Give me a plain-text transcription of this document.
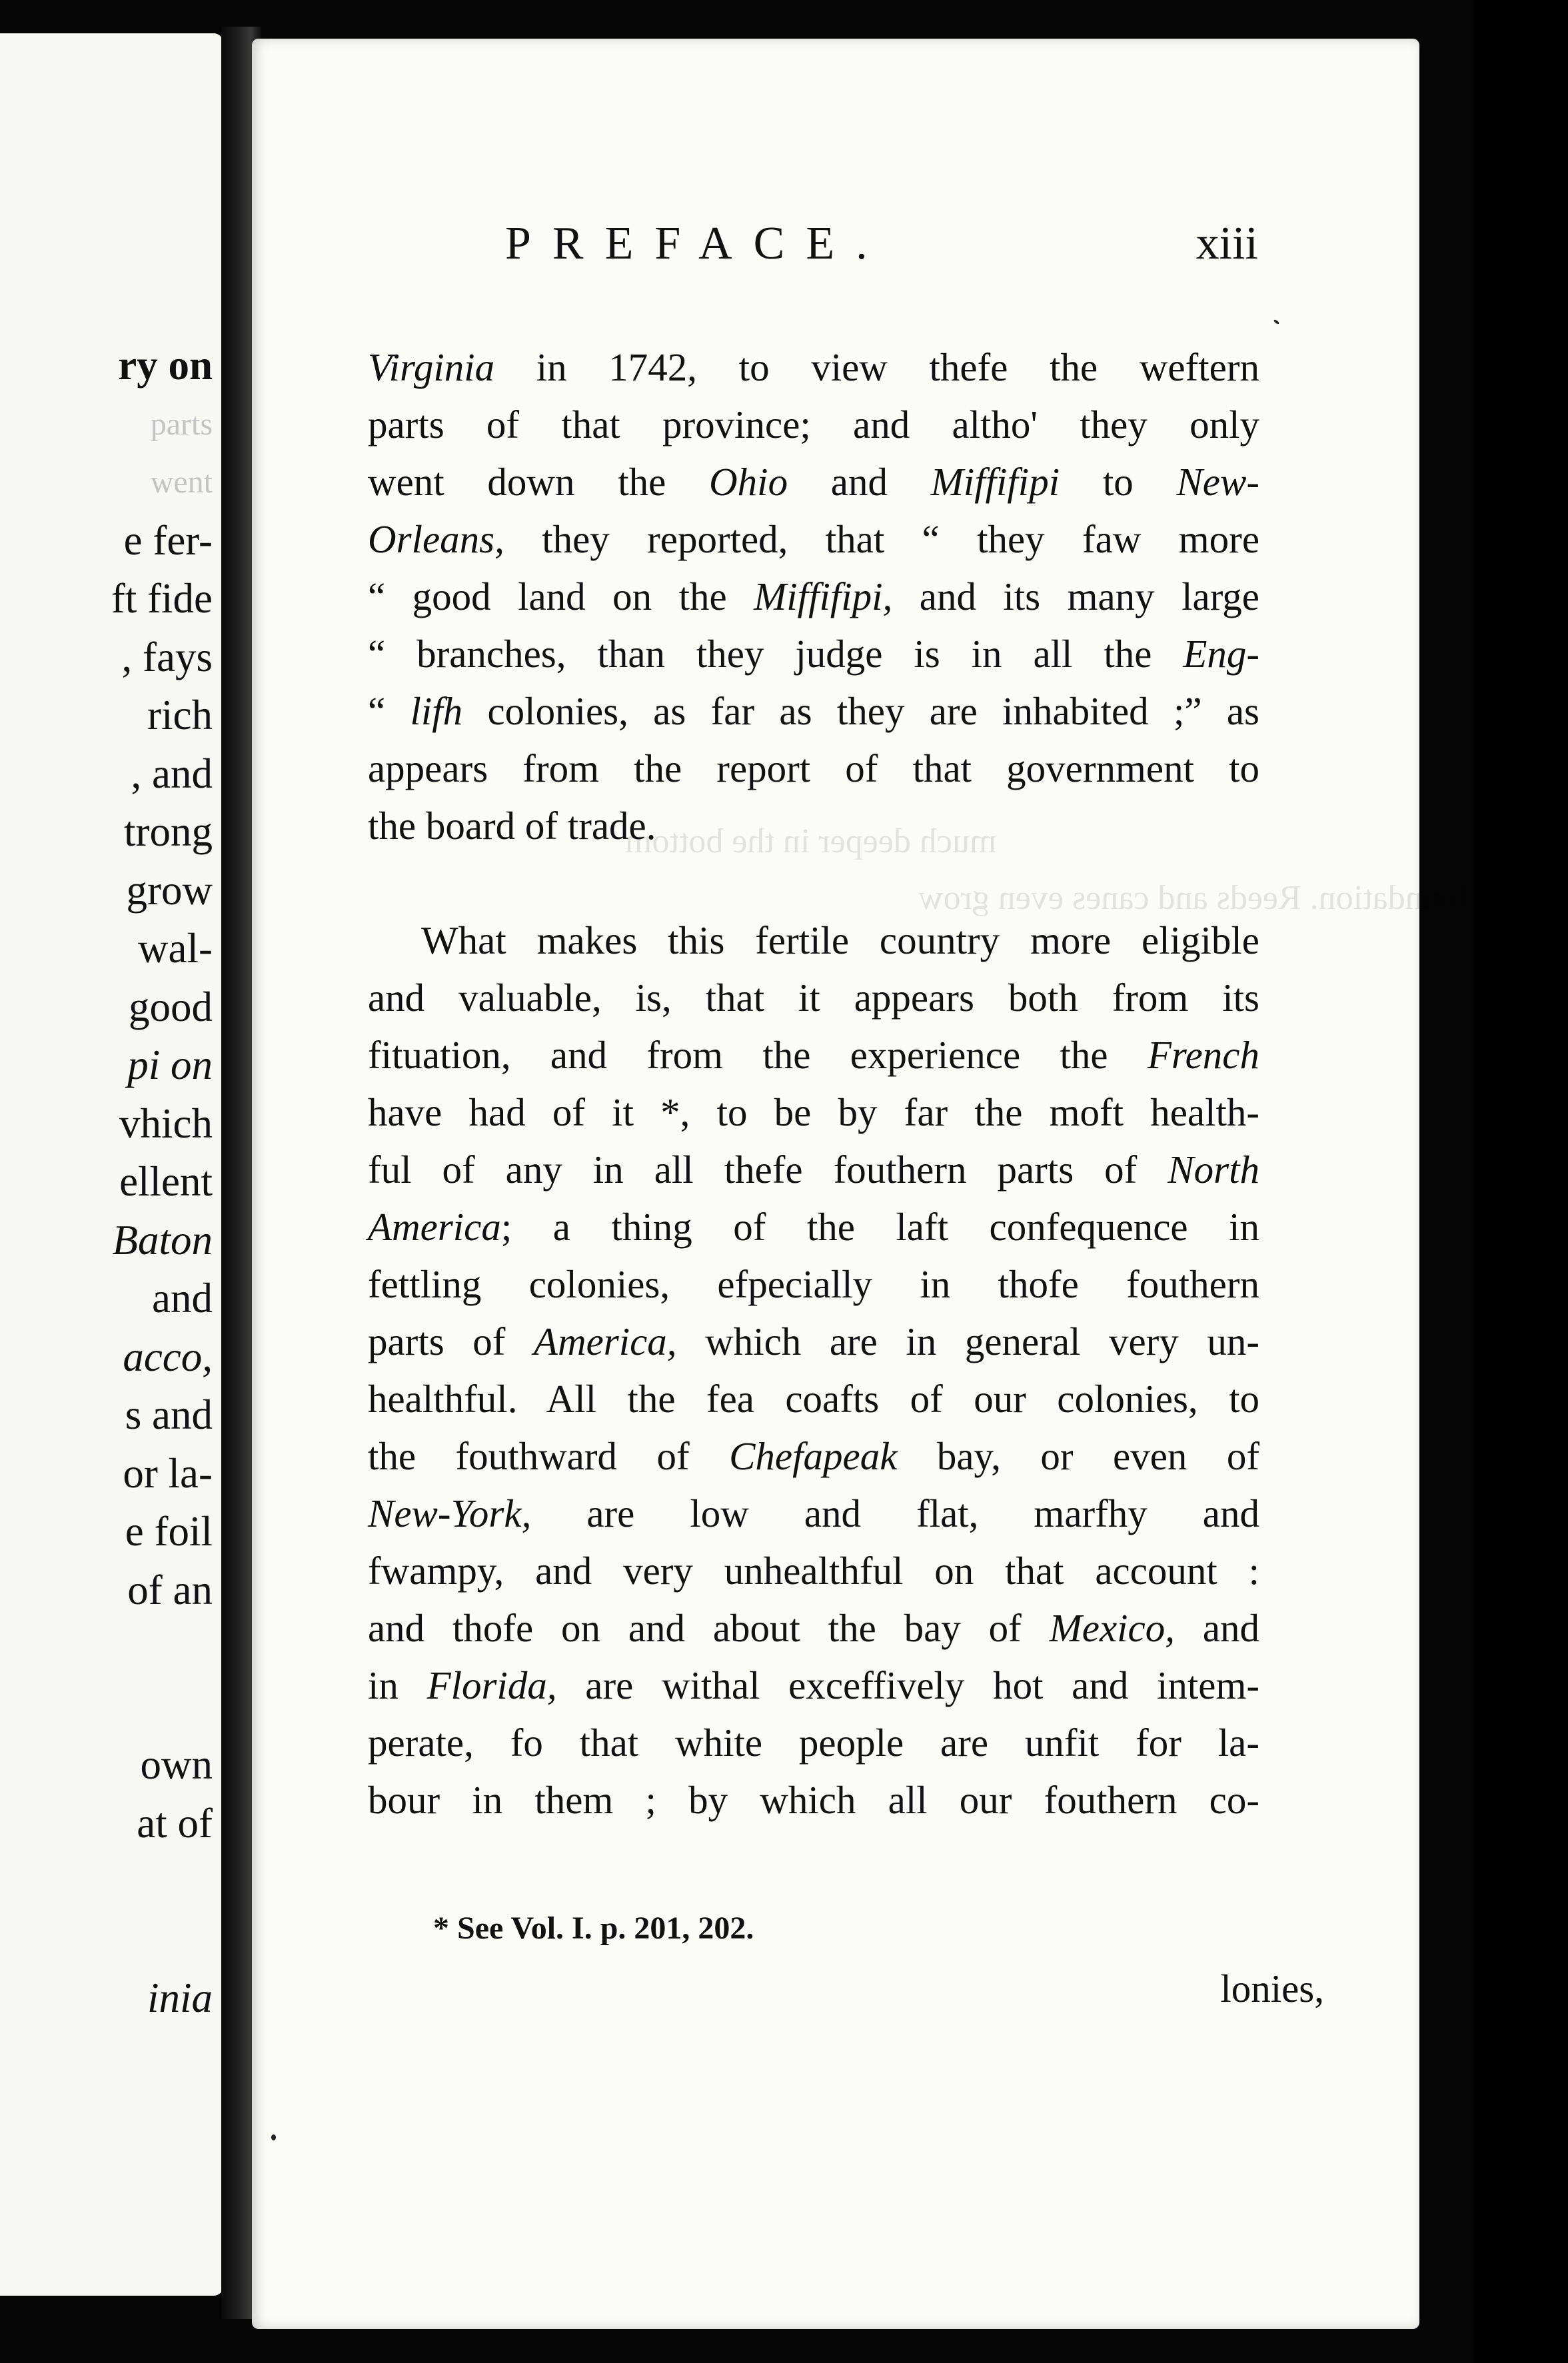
ry on
parts
went
e fer-
ft fide
, fays
rich
, and
trong
grow
wal-
good
pi on
vhich
ellent
Baton
and
acco,
s and
or la-
e foil
of an
own
at of
inia
much deeper in the bottom
clayey foundation. Reeds and canes even grow
PREFACE.	xiii
Virginia in 1742, to view thefe the weftern
parts of that province; and altho' they only
went down the Ohio and Miffifipi to New-
Orleans, they reported, that “ they faw more
“ good land on the Miffifipi, and its many large
“ branches, than they judge is in all the Eng-
“ lifh colonies, as far as they are inhabited ;” as
appears from the report of that government to
the board of trade.
What makes this fertile country more eligible
and valuable, is, that it appears both from its
fituation, and from the experience the French
have had of it *, to be by far the moft health-
ful of any in all thefe fouthern parts of North
America; a thing of the laft confequence in
fettling colonies, efpecially in thofe fouthern
parts of America, which are in general very un-
healthful. All the fea coafts of our colonies, to
the fouthward of Chefapeak bay, or even of
New-York, are low and flat, marfhy and
fwampy, and very unhealthful on that account :
and thofe on and about the bay of Mexico, and
in Florida, are withal exceffively hot and intem-
perate, fo that white people are unfit for la-
bour in them ; by which all our fouthern co-
* See Vol. I. p. 201, 202.
lonies,
